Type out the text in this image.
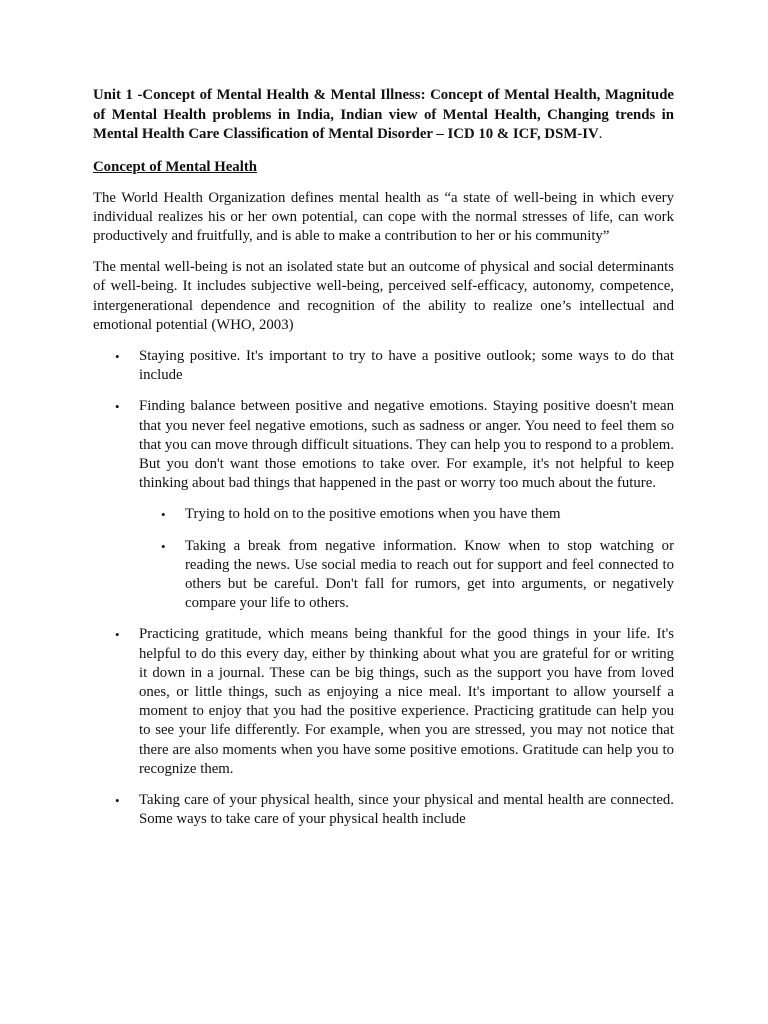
Unit 1 -Concept of Mental Health & Mental Illness: Concept of Mental Health, Magnitude of Mental Health problems in India, Indian view of Mental Health, Changing trends in Mental Health Care Classification of Mental Disorder – ICD 10 & ICF, DSM-IV.
Concept of Mental Health

The World Health Organization defines mental health as “a state of well-being in which every individual realizes his or her own potential, can cope with the normal stresses of life, can work productively and fruitfully, and is able to make a contribution to her or his community”

The mental well-being is not an isolated state but an outcome of physical and social determinants of well-being. It includes subjective well-being, perceived self-efficacy, autonomy, competence, intergenerational dependence and recognition of the ability to realize one’s intellectual and emotional potential (WHO, 2003)

• Staying positive. It's important to try to have a positive outlook; some ways to do that include
• Finding balance between positive and negative emotions. Staying positive doesn't mean that you never feel negative emotions, such as sadness or anger. You need to feel them so that you can move through difficult situations. They can help you to respond to a problem. But you don't want those emotions to take over. For example, it's not helpful to keep thinking about bad things that happened in the past or worry too much about the future.
• Trying to hold on to the positive emotions when you have them
• Taking a break from negative information. Know when to stop watching or reading the news. Use social media to reach out for support and feel connected to others but be careful. Don't fall for rumors, get into arguments, or negatively compare your life to others.
• Practicing gratitude, which means being thankful for the good things in your life. It's helpful to do this every day, either by thinking about what you are grateful for or writing it down in a journal. These can be big things, such as the support you have from loved ones, or little things, such as enjoying a nice meal. It's important to allow yourself a moment to enjoy that you had the positive experience. Practicing gratitude can help you to see your life differently. For example, when you are stressed, you may not notice that there are also moments when you have some positive emotions. Gratitude can help you to recognize them.
• Taking care of your physical health, since your physical and mental health are connected. Some ways to take care of your physical health include
